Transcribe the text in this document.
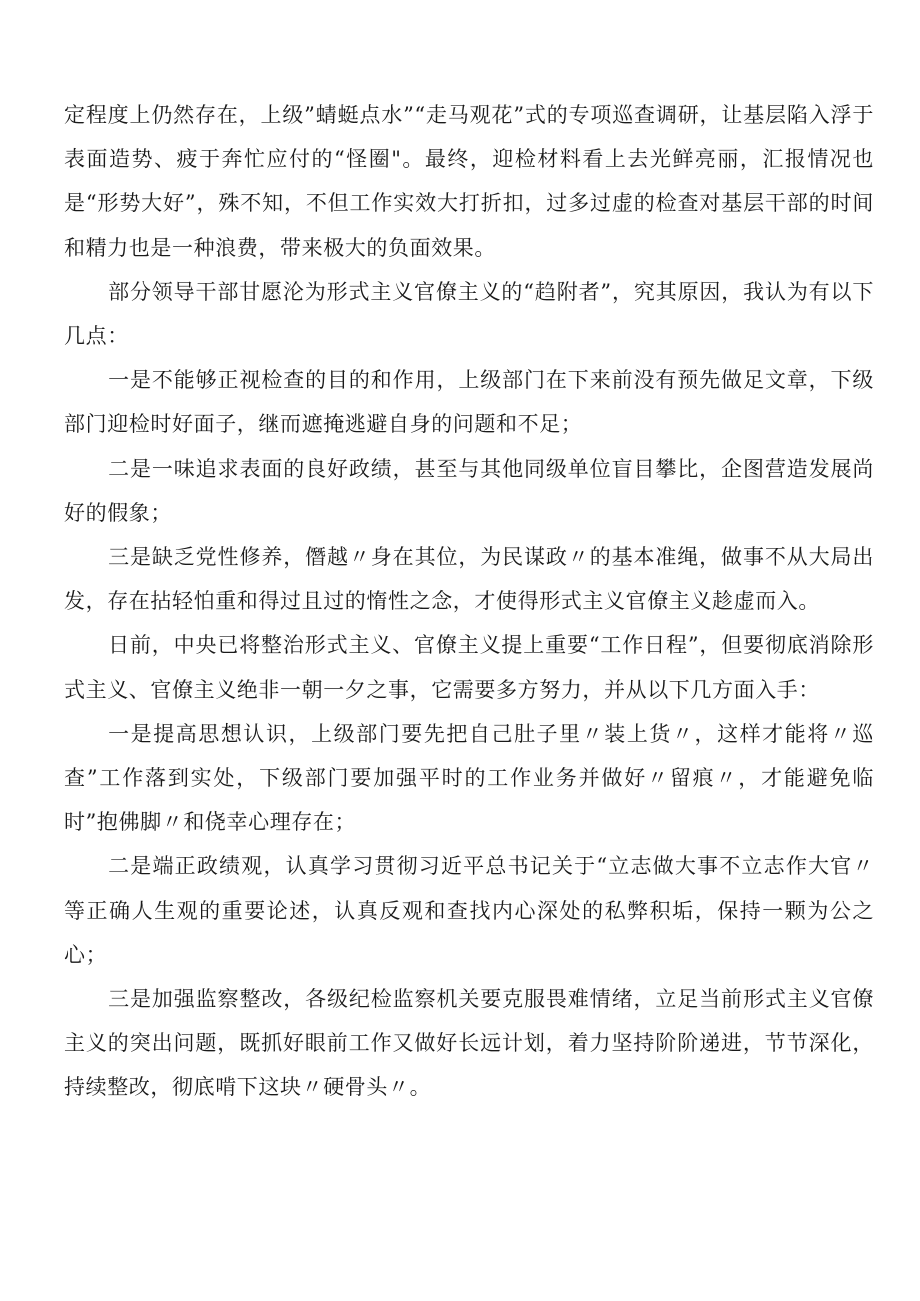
定程度上仍然存在，上级”蜻蜓点水”“走马观花”式的专项巡查调研，让基层陷入浮于表面造势、疲于奔忙应付的“怪圈"。最终，迎检材料看上去光鲜亮丽，汇报情况也是“形势大好”，殊不知，不但工作实效大打折扣，过多过虚的检查对基层干部的时间和精力也是一种浪费，带来极大的负面效果。

部分领导干部甘愿沦为形式主义官僚主义的“趋附者”，究其原因，我认为有以下几点：

一是不能够正视检查的目的和作用，上级部门在下来前没有预先做足文章，下级部门迎检时好面子，继而遮掩逃避自身的问题和不足；

二是一味追求表面的良好政绩，甚至与其他同级单位盲目攀比，企图营造发展尚好的假象；

三是缺乏党性修养，僭越〃身在其位，为民谋政〃的基本准绳，做事不从大局出发，存在拈轻怕重和得过且过的惰性之念，才使得形式主义官僚主义趁虚而入。

日前，中央已将整治形式主义、官僚主义提上重要“工作日程”，但要彻底消除形式主义、官僚主义绝非一朝一夕之事，它需要多方努力，并从以下几方面入手：

一是提高思想认识，上级部门要先把自己肚子里〃装上货〃，这样才能将〃巡查”工作落到实处，下级部门要加强平时的工作业务并做好〃留痕〃，才能避免临时”抱佛脚〃和侥幸心理存在；

二是端正政绩观，认真学习贯彻习近平总书记关于“立志做大事不立志作大官〃等正确人生观的重要论述，认真反观和查找内心深处的私弊积垢，保持一颗为公之心；

三是加强监察整改，各级纪检监察机关要克服畏难情绪，立足当前形式主义官僚主义的突出问题，既抓好眼前工作又做好长远计划，着力坚持阶阶递进，节节深化，持续整改，彻底啃下这块〃硬骨头〃。
